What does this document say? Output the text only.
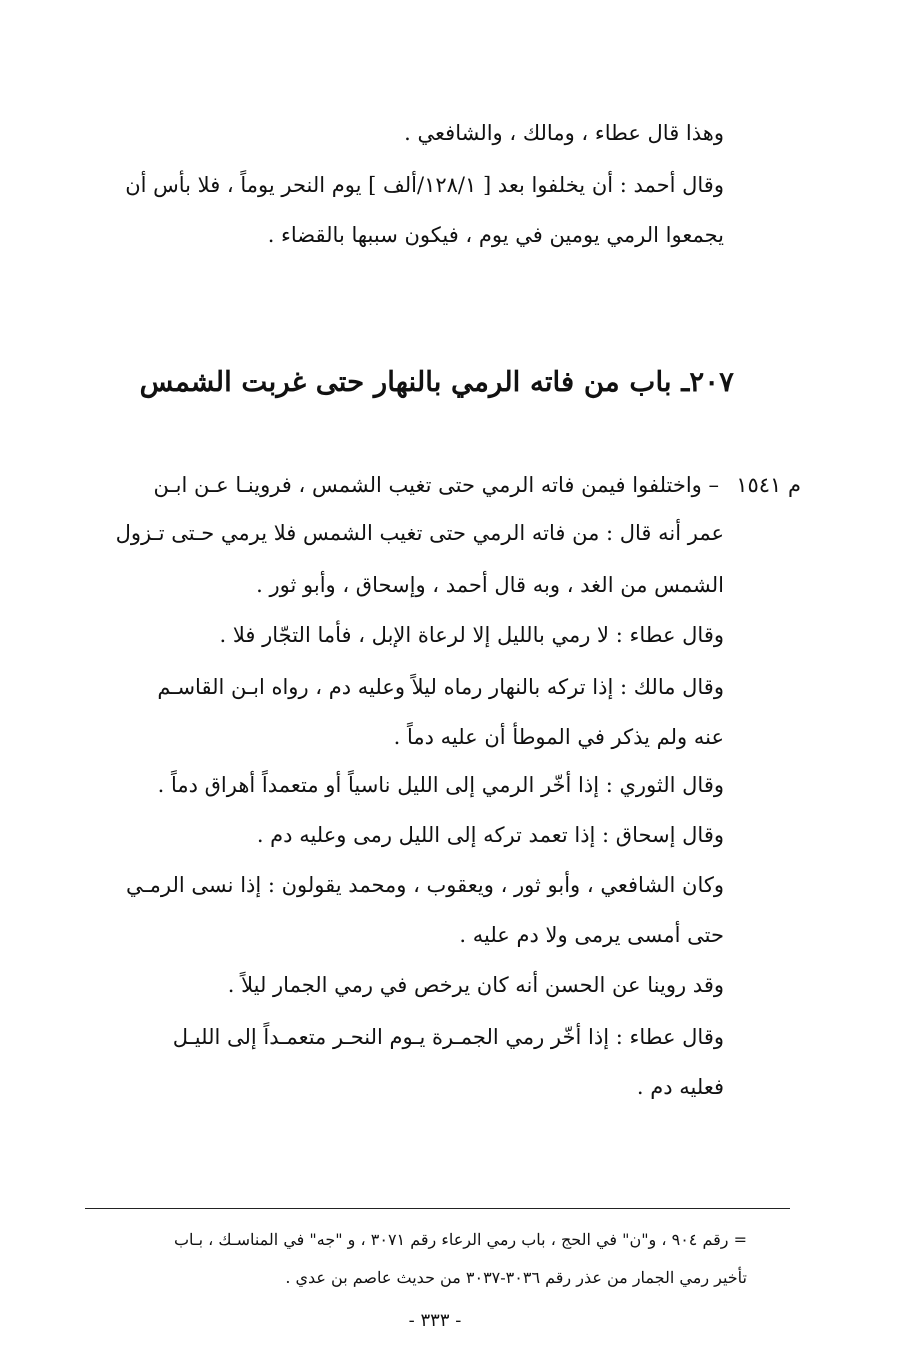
وهذا قال عطاء ، ومالك ، والشافعي .
وقال أحمد : أن يخلفوا بعد [ ١٢٨/١/ألف ] يوم النحر يوماً ، فلا بأس أن
يجمعوا الرمي يومين في يوم ، فيكون سببها بالقضاء .
٢٠٧ـ باب من فاته الرمي بالنهار حتى غربت الشمس
م ١٥٤١
– واختلفوا فيمن فاته الرمي حتى تغيب الشمس ، فروينـا عـن ابـن
عمر أنه قال : من فاته الرمي حتى تغيب الشمس فلا يرمي حـتى تـزول
الشمس من الغد ، وبه قال أحمد ، وإسحاق ، وأبو ثور .
وقال عطاء : لا رمي بالليل إلا لرعاة الإبل ، فأما التجّار فلا .
وقال مالك : إذا تركه بالنهار رماه ليلاً وعليه دم ، رواه ابـن القاسـم
عنه ولم يذكر في الموطأ أن عليه دماً .
وقال الثوري : إذا أخّر الرمي إلى الليل ناسياً أو متعمداً أهراق دماً .
وقال إسحاق : إذا تعمد تركه إلى الليل رمى وعليه دم .
وكان الشافعي ، وأبو ثور ، ويعقوب ، ومحمد يقولون : إذا نسى الرمـي
حتى أمسى يرمى ولا دم عليه .
وقد روينا عن الحسن أنه كان يرخص في رمي الجمار ليلاً .
وقال عطاء : إذا أخّر رمي الجمـرة يـوم النحـر متعمـداً إلى الليـل
فعليه دم .
= رقم ٩٠٤ ، و"ن" في الحج ، باب رمي الرعاء رقم ٣٠٧١ ، و "جه" في المناسـك ، بـاب
تأخير رمي الجمار من عذر رقم ٣٠٣٦-٣٠٣٧ من حديث عاصم بن عدي .
- ٣٣٣ -
